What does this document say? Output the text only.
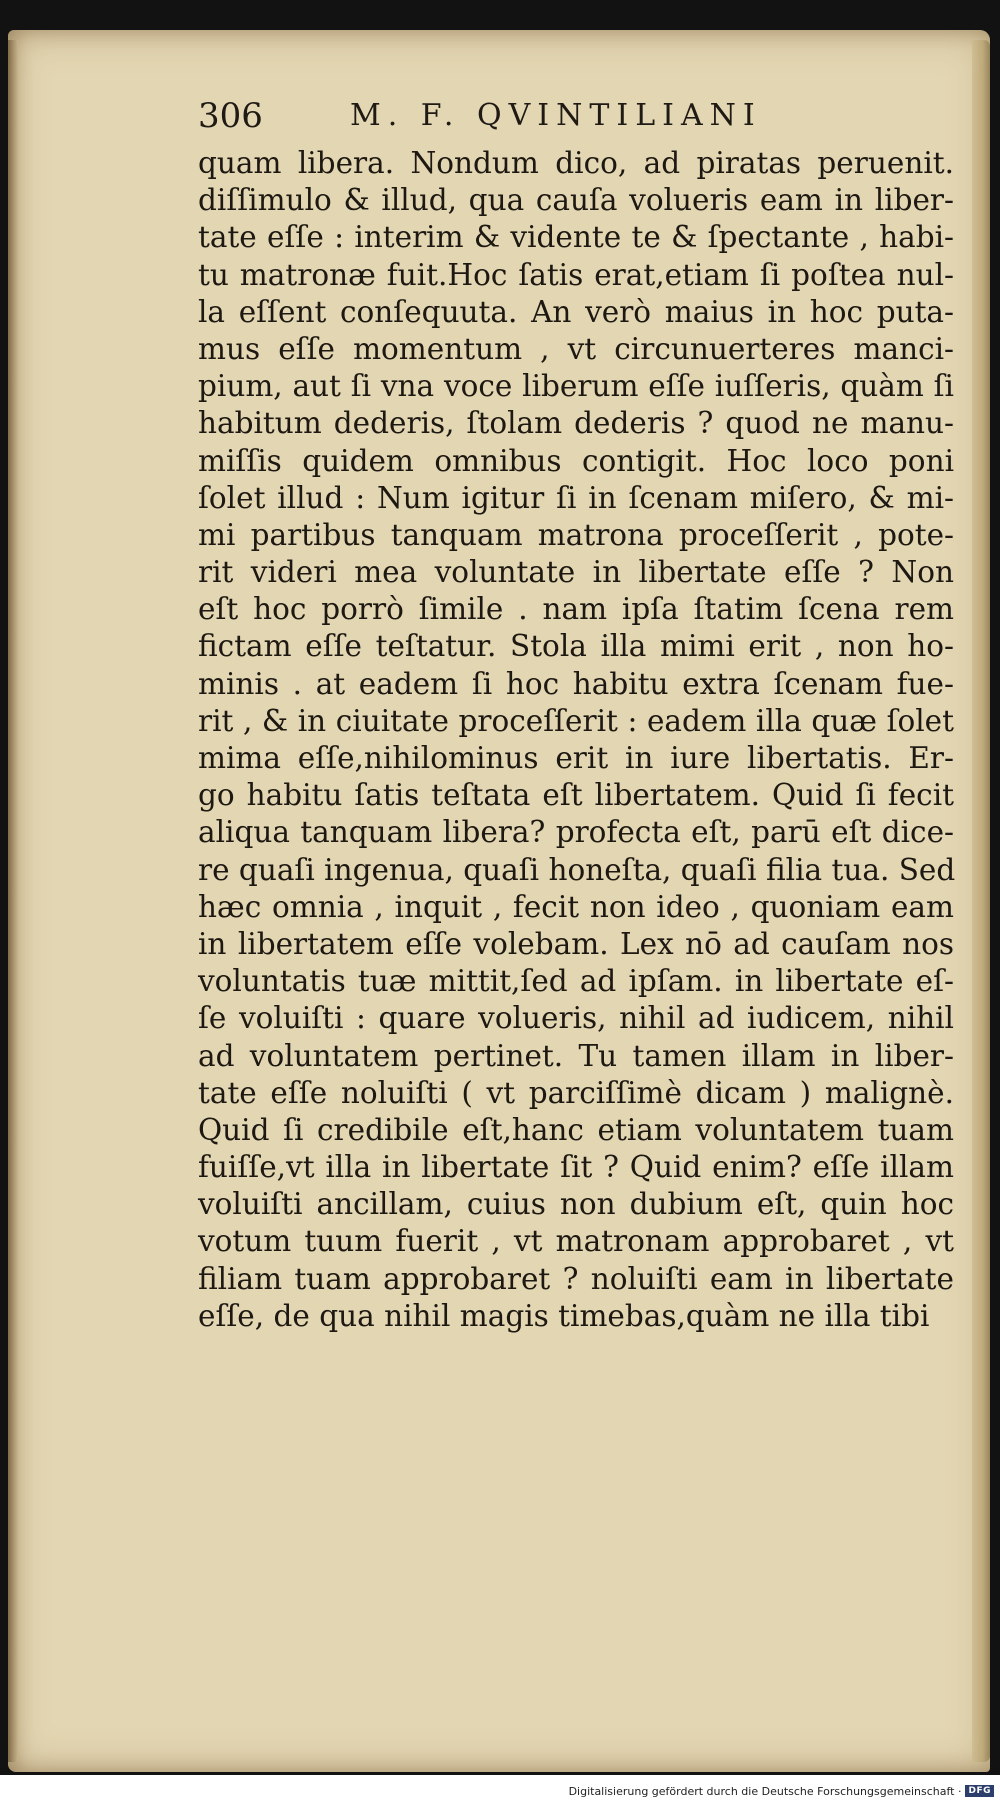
306	M. F. QVINTILIANI
quam libera. Nondum dico, ad piratas peruenit.
diſſimulo & illud, qua cauſa volueris eam in liber-
tate eſſe : interim & vidente te & ſpectante , habi-
tu matronæ fuit.Hoc ſatis erat,etiam ſi poſtea nul-
la eſſent conſequuta. An verò maius in hoc puta-
mus eſſe momentum , vt circunuerteres manci-
pium, aut ſi vna voce liberum eſſe iuſſeris, quàm ſi
habitum dederis, ſtolam dederis ? quod ne manu-
miſſis quidem omnibus contigit. Hoc loco poni
ſolet illud : Num igitur ſi in ſcenam miſero, & mi-
mi partibus tanquam matrona proceſſerit , pote-
rit videri mea voluntate in libertate eſſe ? Non
eſt hoc porrò ſimile . nam ipſa ſtatim ſcena rem
fictam eſſe teſtatur. Stola illa mimi erit , non ho-
minis . at eadem ſi hoc habitu extra ſcenam fue-
rit , & in ciuitate proceſſerit : eadem illa quæ ſolet
mima eſſe,nihilominus erit in iure libertatis. Er-
go habitu ſatis teſtata eſt libertatem. Quid ſi fecit
aliqua tanquam libera? profecta eſt, parū eſt dice-
re quaſi ingenua, quaſi honeſta, quaſi filia tua. Sed
hæc omnia , inquit , fecit non ideo , quoniam eam
in libertatem eſſe volebam. Lex nō ad cauſam nos
voluntatis tuæ mittit,ſed ad ipſam. in libertate eſ-
ſe voluiſti : quare volueris, nihil ad iudicem, nihil
ad voluntatem pertinet. Tu tamen illam in liber-
tate eſſe noluiſti ( vt parciſſimè dicam ) malignè.
Quid ſi credibile eſt,hanc etiam voluntatem tuam
fuiſſe,vt illa in libertate ſit ? Quid enim? eſſe illam
voluiſti ancillam, cuius non dubium eſt, quin hoc
votum tuum fuerit , vt matronam approbaret , vt
filiam tuam approbaret ? noluiſti eam in libertate
eſſe, de qua nihil magis timebas,quàm ne illa tibi
Digitalisierung gefördert durch die Deutsche Forschungsgemeinschaft · DFG
